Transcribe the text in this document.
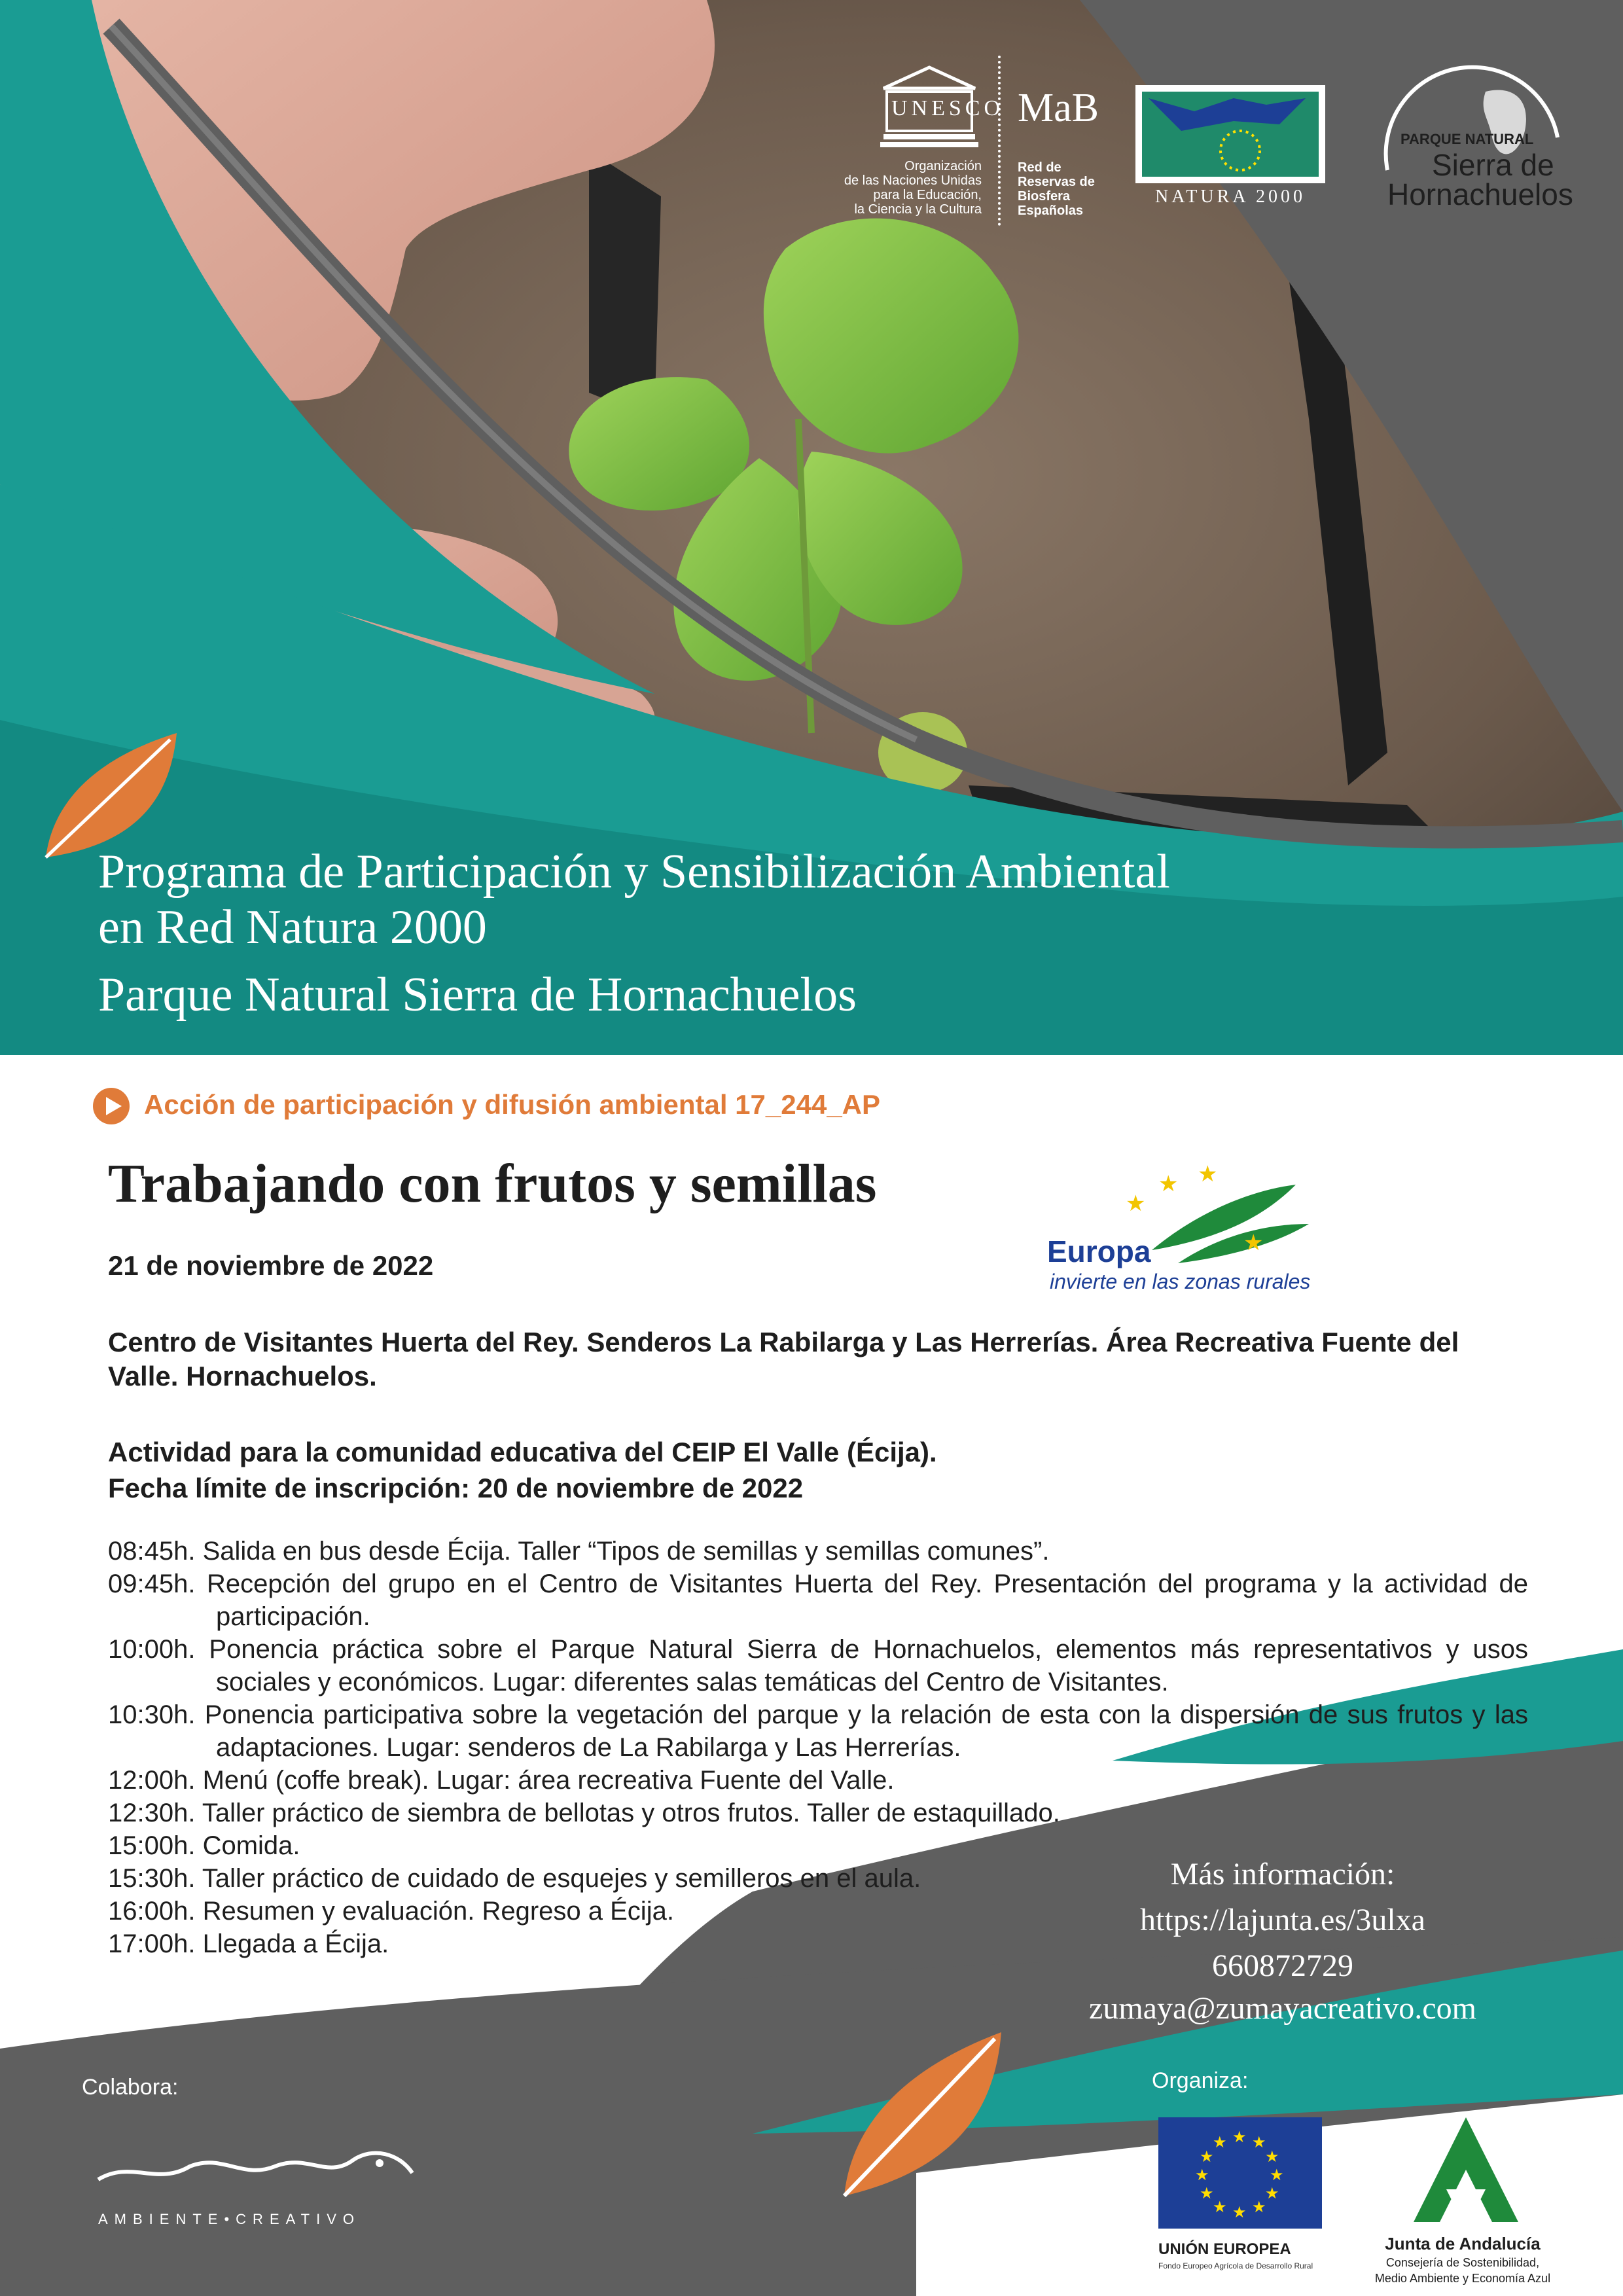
UNESCO
Organización
de las Naciones Unidas
para la Educación,
la Ciencia y la Cultura
MaB
Red de
Reservas de
Biosfera
Españolas
NATURA 2000
PARQUE NATURAL
Sierra de
Hornachuelos
Programa de Participación y Sensibilización Ambiental
en Red Natura 2000
Parque Natural Sierra de Hornachuelos
Acción de participación y difusión ambiental 17_244_AP
Trabajando con frutos y semillas	★
★ ★
★
Europa
invierte en las zonas rurales
21 de noviembre de 2022
Centro de Visitantes Huerta del Rey. Senderos La Rabilarga y Las Herrerías. Área Recreativa Fuente del Valle. Hornachuelos.
Actividad para la comunidad educativa del CEIP El Valle (Écija).
Fecha límite de inscripción: 20 de noviembre de 2022
08:45h. Salida en bus desde Écija. Taller “Tipos de semillas y semillas comunes”.
09:45h. Recepción del grupo en el Centro de Visitantes Huerta del Rey. Presentación del programa y la actividad de participación.
10:00h. Ponencia práctica sobre el Parque Natural Sierra de Hornachuelos, elementos más representativos y usos sociales y económicos. Lugar: diferentes salas temáticas del Centro de Visitantes.
10:30h. Ponencia participativa sobre la vegetación del parque y la relación de esta con la dispersión de sus frutos y las adaptaciones. Lugar: senderos de La Rabilarga y Las Herrerías.
12:00h. Menú (coffe break). Lugar: área recreativa Fuente del Valle.
12:30h. Taller práctico de siembra de bellotas y otros frutos. Taller de estaquillado.
15:00h. Comida.
15:30h. Taller práctico de cuidado de esquejes y semilleros en el aula.
16:00h. Resumen y evaluación. Regreso a Écija.
17:00h. Llegada a Écija.
Más información:
https://lajunta.es/3ulxa
660872729
zumaya@zumayacreativo.com
Colabora:	Organiza:
AMBIENTE•CREATIVO
★ ★
★
★
★
★
★
★
★
★
★
★
UNIÓN EUROPEA
Fondo Europeo Agrícola de Desarrollo Rural
Junta de Andalucía
Consejería de Sostenibilidad,
Medio Ambiente y Economía Azul
